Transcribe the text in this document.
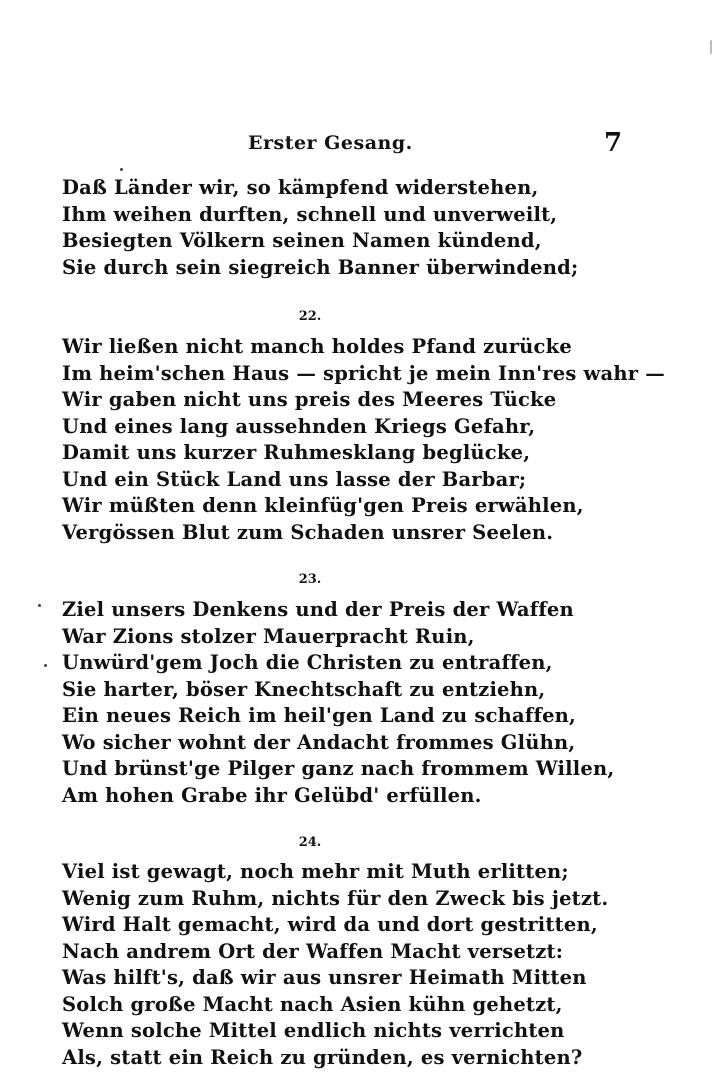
Erster Gesang.	7
Daß Länder wir, so kämpfend widerstehen,
Ihm weihen durften, schnell und unverweilt,
Besiegten Völkern seinen Namen kündend,
Sie durch sein siegreich Banner überwindend;
22.
Wir ließen nicht manch holdes Pfand zurücke
Im heim'schen Haus — spricht je mein Inn'res wahr —
Wir gaben nicht uns preis des Meeres Tücke
Und eines lang aussehnden Kriegs Gefahr,
Damit uns kurzer Ruhmesklang beglücke,
Und ein Stück Land uns lasse der Barbar;
Wir müßten denn kleinfüg'gen Preis erwählen,
Vergössen Blut zum Schaden unsrer Seelen.
23.
Ziel unsers Denkens und der Preis der Waffen
War Zions stolzer Mauerpracht Ruin,
Unwürd'gem Joch die Christen zu entraffen,
Sie harter, böser Knechtschaft zu entziehn,
Ein neues Reich im heil'gen Land zu schaffen,
Wo sicher wohnt der Andacht frommes Glühn,
Und brünst'ge Pilger ganz nach frommem Willen,
Am hohen Grabe ihr Gelübd' erfüllen.
24.
Viel ist gewagt, noch mehr mit Muth erlitten;
Wenig zum Ruhm, nichts für den Zweck bis jetzt.
Wird Halt gemacht, wird da und dort gestritten,
Nach andrem Ort der Waffen Macht versetzt:
Was hilft's, daß wir aus unsrer Heimath Mitten
Solch große Macht nach Asien kühn gehetzt,
Wenn solche Mittel endlich nichts verrichten
Als, statt ein Reich zu gründen, es vernichten?
